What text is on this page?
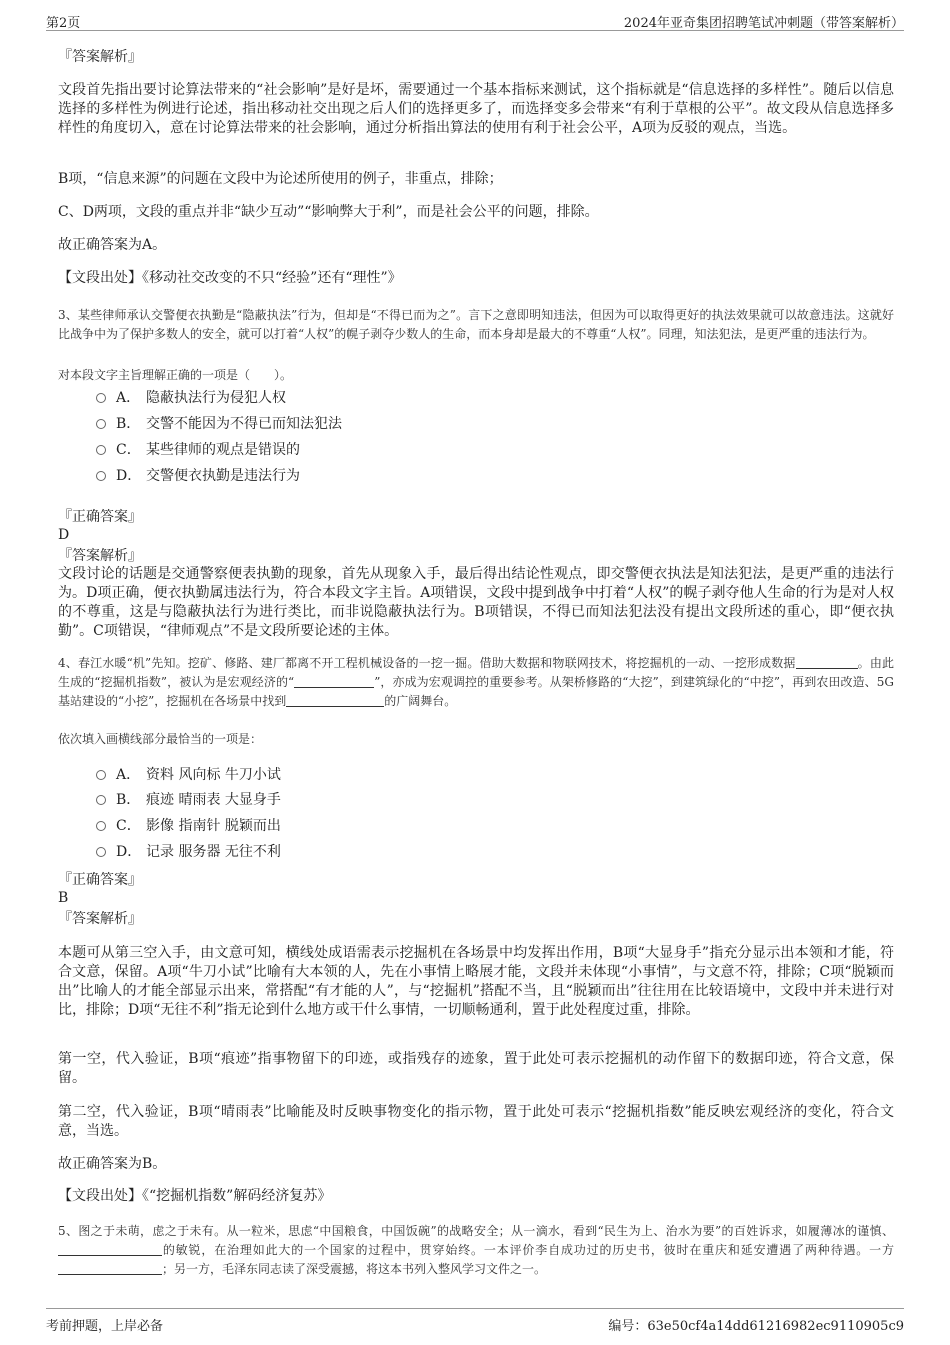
第2页	2024年亚奇集团招聘笔试冲刺题（带答案解析）
『答案解析』
文段首先指出要讨论算法带来的“社会影响”是好是坏，需要通过一个基本指标来测试，这个指标就是“信息选择的多样性”。随后以信息选择的多样性为例进行论述，指出移动社交出现之后人们的选择更多了，而选择变多会带来“有利于草根的公平”。故文段从信息选择多样性的角度切入，意在讨论算法带来的社会影响，通过分析指出算法的使用有利于社会公平，A项为反驳的观点，当选。
B项，“信息来源”的问题在文段中为论述所使用的例子，非重点，排除；
C、D两项，文段的重点并非“缺少互动”“影响弊大于利”，而是社会公平的问题，排除。
故正确答案为A。
【文段出处】《移动社交改变的不只“经验”还有“理性”》
3、某些律师承认交警便衣执勤是“隐蔽执法”行为，但却是“不得已而为之”。言下之意即明知违法，但因为可以取得更好的执法效果就可以故意违法。这就好比战争中为了保护多数人的安全，就可以打着“人权”的幌子剥夺少数人的生命，而本身却是最大的不尊重“人权”。同理，知法犯法，是更严重的违法行为。
对本段文字主旨理解正确的一项是（　　）。
A． 隐蔽执法行为侵犯人权
B． 交警不能因为不得已而知法犯法
C． 某些律师的观点是错误的
D． 交警便衣执勤是违法行为
『正确答案』
D
『答案解析』
文段讨论的话题是交通警察便表执勤的现象，首先从现象入手，最后得出结论性观点，即交警便衣执法是知法犯法，是更严重的违法行为。D项正确，便衣执勤属违法行为，符合本段文字主旨。A项错误，文段中提到战争中打着“人权”的幌子剥夺他人生命的行为是对人权的不尊重，这是与隐蔽执法行为进行类比，而非说隐蔽执法行为。B项错误，不得已而知法犯法没有提出文段所述的重心，即“便衣执勤”。C项错误，“律师观点”不是文段所要论述的主体。
4、春江水暖“机”先知。挖矿、修路、建厂都离不开工程机械设备的一挖一掘。借助大数据和物联网技术，将挖掘机的一动、一挖形成数据	。由此生成的“挖掘机指数”，被认为是宏观经济的“	”，亦成为宏观调控的重要参考。从架桥修路的“大挖”，到建筑绿化的“中挖”，再到农田改造、5G基站建设的“小挖”，挖掘机在各场景中找到	的广阔舞台。
依次填入画横线部分最恰当的一项是：
A． 资料 风向标 牛刀小试
B． 痕迹 晴雨表 大显身手
C． 影像 指南针 脱颖而出
D． 记录 服务器 无往不利
『正确答案』
B
『答案解析』
本题可从第三空入手，由文意可知，横线处成语需表示挖掘机在各场景中均发挥出作用，B项“大显身手”指充分显示出本领和才能，符合文意，保留。A项“牛刀小试”比喻有大本领的人，先在小事情上略展才能，文段并未体现“小事情”，与文意不符，排除；C项“脱颖而出”比喻人的才能全部显示出来，常搭配“有才能的人”，与“挖掘机”搭配不当，且“脱颖而出”往往用在比较语境中，文段中并未进行对比，排除；D项“无往不利”指无论到什么地方或干什么事情，一切顺畅通利，置于此处程度过重，排除。
第一空，代入验证，B项“痕迹”指事物留下的印迹，或指残存的迹象，置于此处可表示挖掘机的动作留下的数据印迹，符合文意，保留。
第二空，代入验证，B项“晴雨表”比喻能及时反映事物变化的指示物，置于此处可表示“挖掘机指数”能反映宏观经济的变化，符合文意，当选。
故正确答案为B。
【文段出处】《“挖掘机指数”解码经济复苏》
5、图之于未萌，虑之于未有。从一粒米，思虑“中国粮食，中国饭碗”的战略安全；从一滴水，看到“民生为上、治水为要”的百姓诉求，如履薄冰的谨慎、的敏锐，在治理如此大的一个国家的过程中，贯穿始终。一本评价李自成功过的历史书，彼时在重庆和延安遭遇了两种待遇。一方；另一方，毛泽东同志读了深受震撼，将这本书列入整风学习文件之一。
考前押题，上岸必备	编号：63e50cf4a14dd61216982ec9110905c9
